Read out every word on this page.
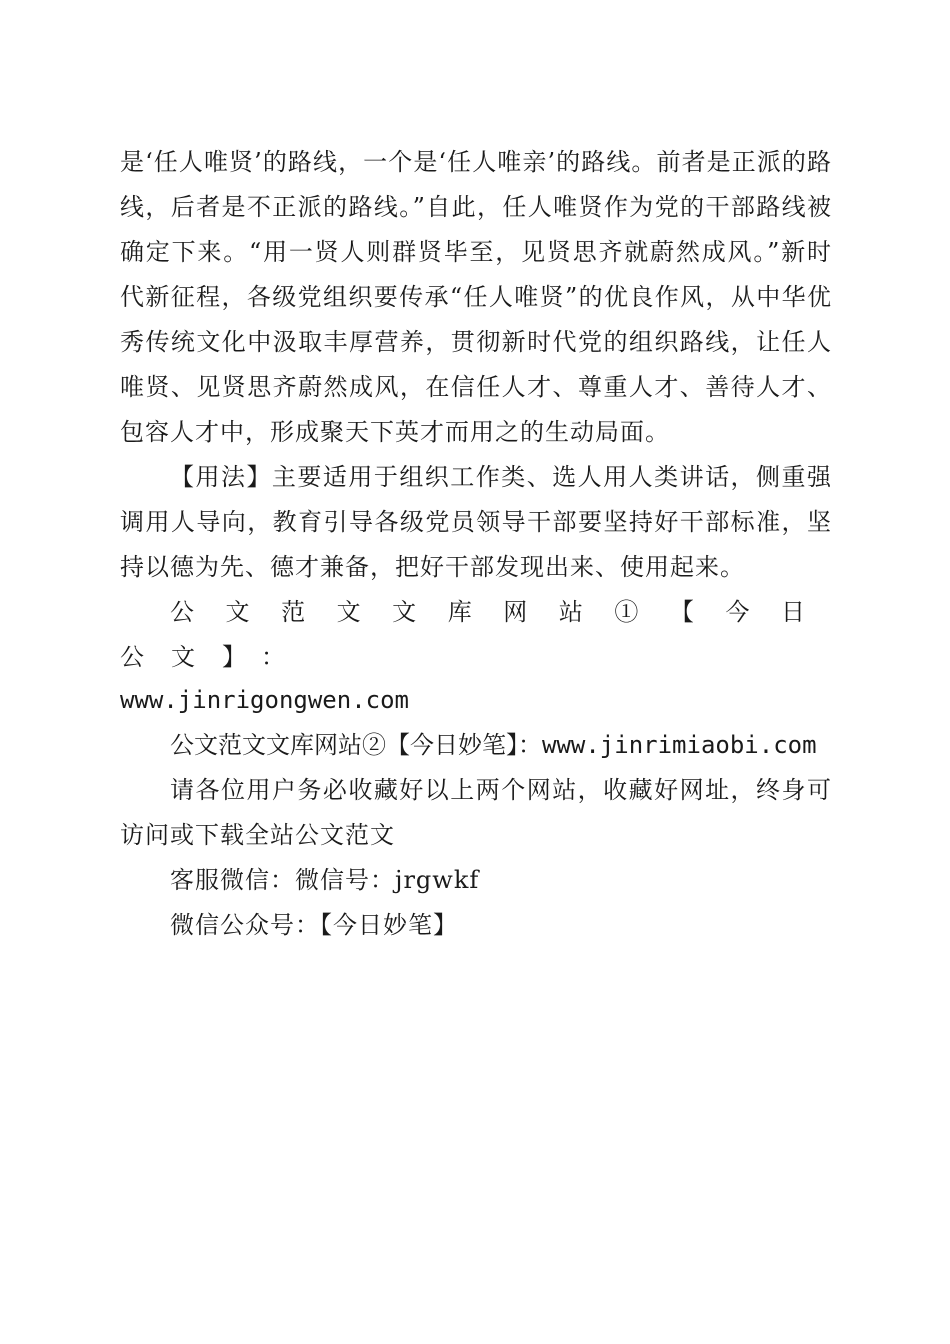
是‘任人唯贤’的路线，一个是‘任人唯亲’的路线。前者是正派的路线，后者是不正派的路线。”自此，任人唯贤作为党的干部路线被确定下来。“用一贤人则群贤毕至，见贤思齐就蔚然成风。”新时代新征程，各级党组织要传承“任人唯贤”的优良作风，从中华优秀传统文化中汲取丰厚营养，贯彻新时代党的组织路线，让任人唯贤、见贤思齐蔚然成风，在信任人才、尊重人才、善待人才、包容人才中，形成聚天下英才而用之的生动局面。

【用法】主要适用于组织工作类、选人用人类讲话，侧重强调用人导向，教育引导各级党员领导干部要坚持好干部标准，坚持以德为先、德才兼备，把好干部发现出来、使用起来。

公文范文文库网站①【今日公文】：

www.jinrigongwen.com

公文范文文库网站②【今日妙笔】：www.jinrimiaobi.com

请各位用户务必收藏好以上两个网站，收藏好网址，终身可访问或下载全站公文范文

客服微信：微信号：jrgwkf

微信公众号：【今日妙笔】
